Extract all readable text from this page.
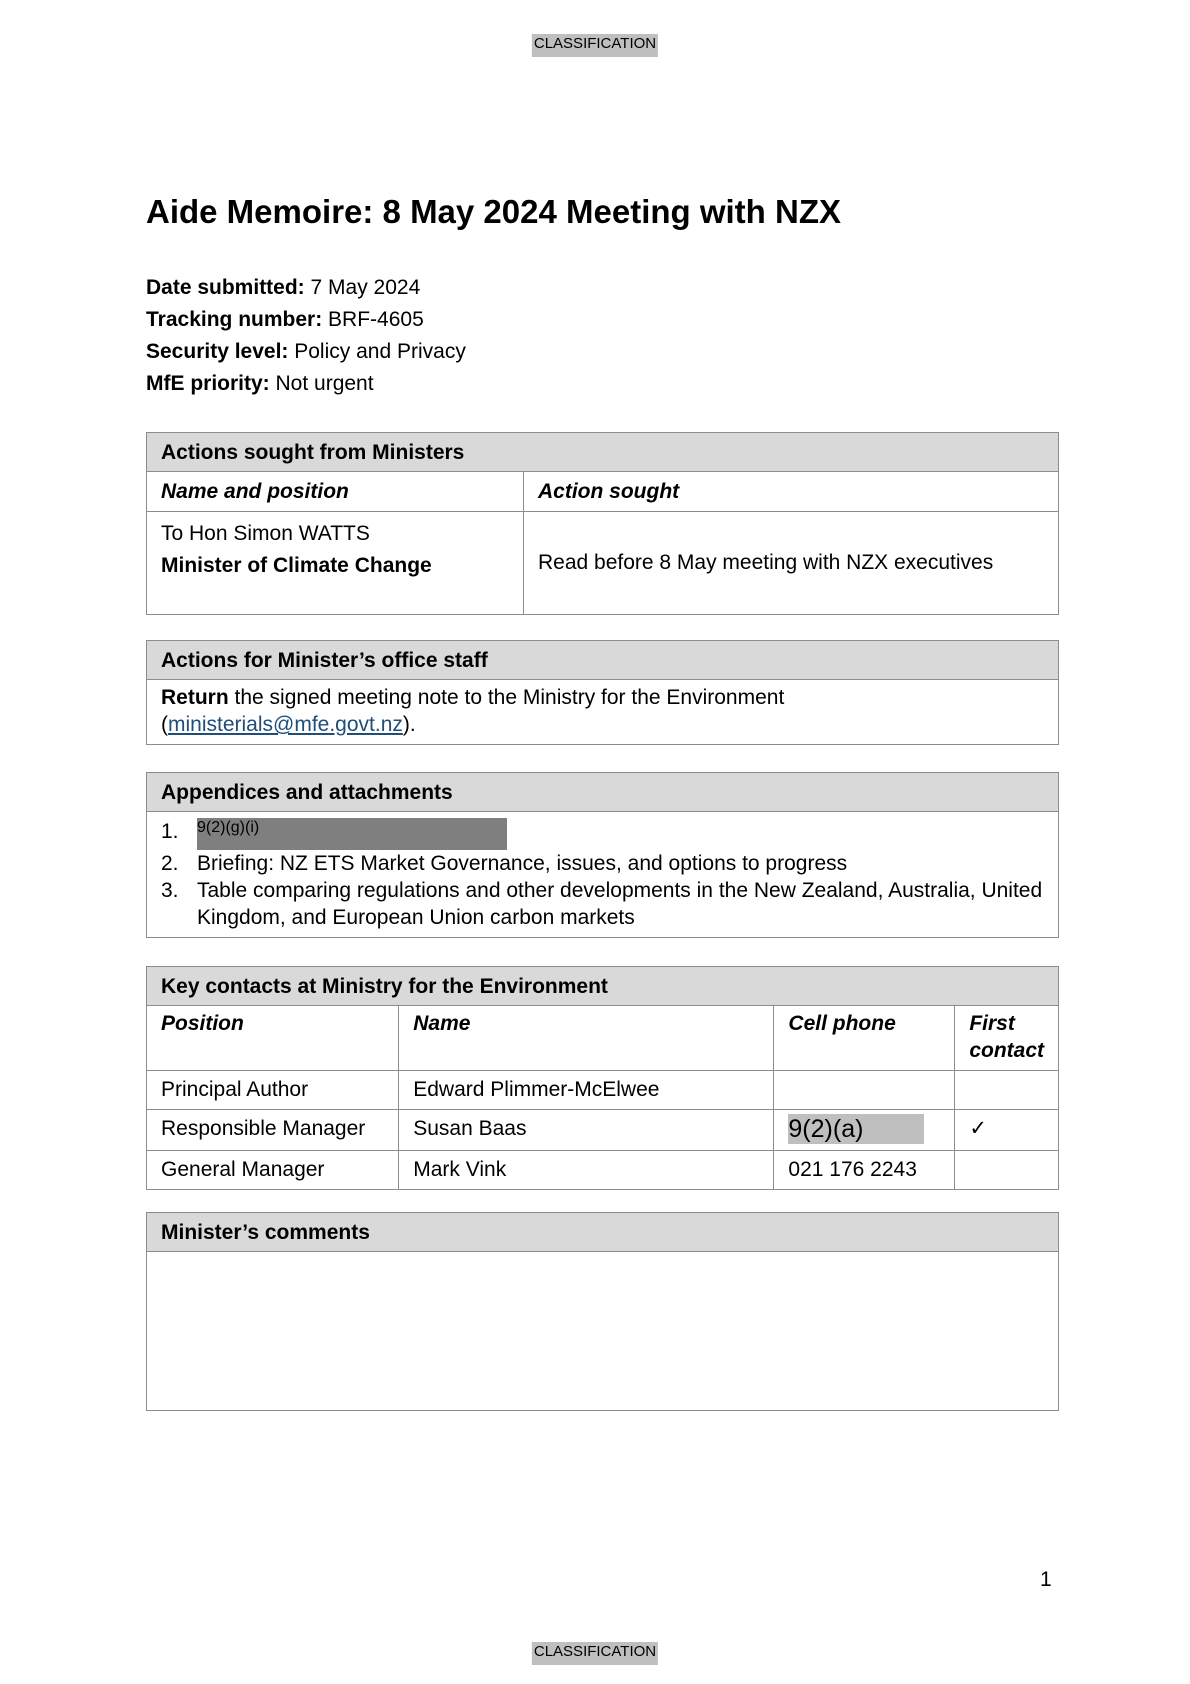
CLASSIFICATION
Aide Memoire: 8 May 2024 Meeting with NZX
Date submitted: 7 May 2024
Tracking number: BRF-4605
Security level: Policy and Privacy
MfE priority: Not urgent
Actions sought from Ministers
Name and position	Action sought

To Hon Simon WATTS
Minister of Climate Change	Read before 8 May meeting with NZX executives
Actions for Minister’s office staff
Return the signed meeting note to the Ministry for the Environment
(ministerials@mfe.govt.nz).
Appendices and attachments
1.	9(2)(g)(i)
2. Briefing: NZ ETS Market Governance, issues, and options to progress
3. Table comparing regulations and other developments in the New Zealand, Australia, United Kingdom, and European Union carbon markets
Key contacts at Ministry for the Environment
Position	Name	Cell phone	First contact
Principal Author	Edward Plimmer-McElwee		
Responsible Manager	Susan Baas	9(2)(a)	✓
General Manager	Mark Vink	021 176 2243	
Minister’s comments
1
CLASSIFICATION
